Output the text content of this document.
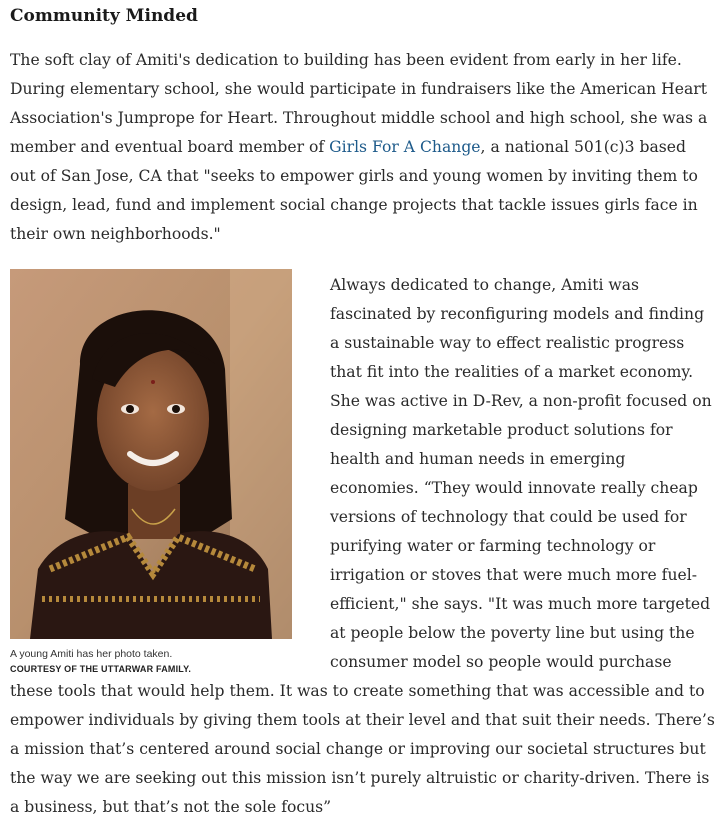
Community Minded

The soft clay of Amiti's dedication to building has been evident from early in her life. During elementary school, she would participate in fundraisers like the American Heart Association's Jumprope for Heart. Throughout middle school and high school, she was a member and eventual board member of Girls For A Change, a national 501(c)3 based out of San Jose, CA that "seeks to empower girls and young women by inviting them to design, lead, fund and implement social change projects that tackle issues girls face in their own neighborhoods."

A young Amiti has her photo taken.
COURTESY OF THE UTTARWAR FAMILY.

Always dedicated to change, Amiti was fascinated by reconfiguring models and finding a sustainable way to effect realistic progress that fit into the realities of a market economy. She was active in D-Rev, a non-profit focused on designing marketable product solutions for health and human needs in emerging economies. “They would innovate really cheap versions of technology that could be used for purifying water or farming technology or irrigation or stoves that were much more fuel-efficient," she says. "It was much more targeted at people below the poverty line but using the consumer model so people would purchase these tools that would help them. It was to create something that was accessible and to empower individuals by giving them tools at their level and that suit their needs. There’s a mission that’s centered around social change or improving our societal structures but the way we are seeking out this mission isn’t purely altruistic or charity-driven. There is a business, but that’s not the sole focus”
